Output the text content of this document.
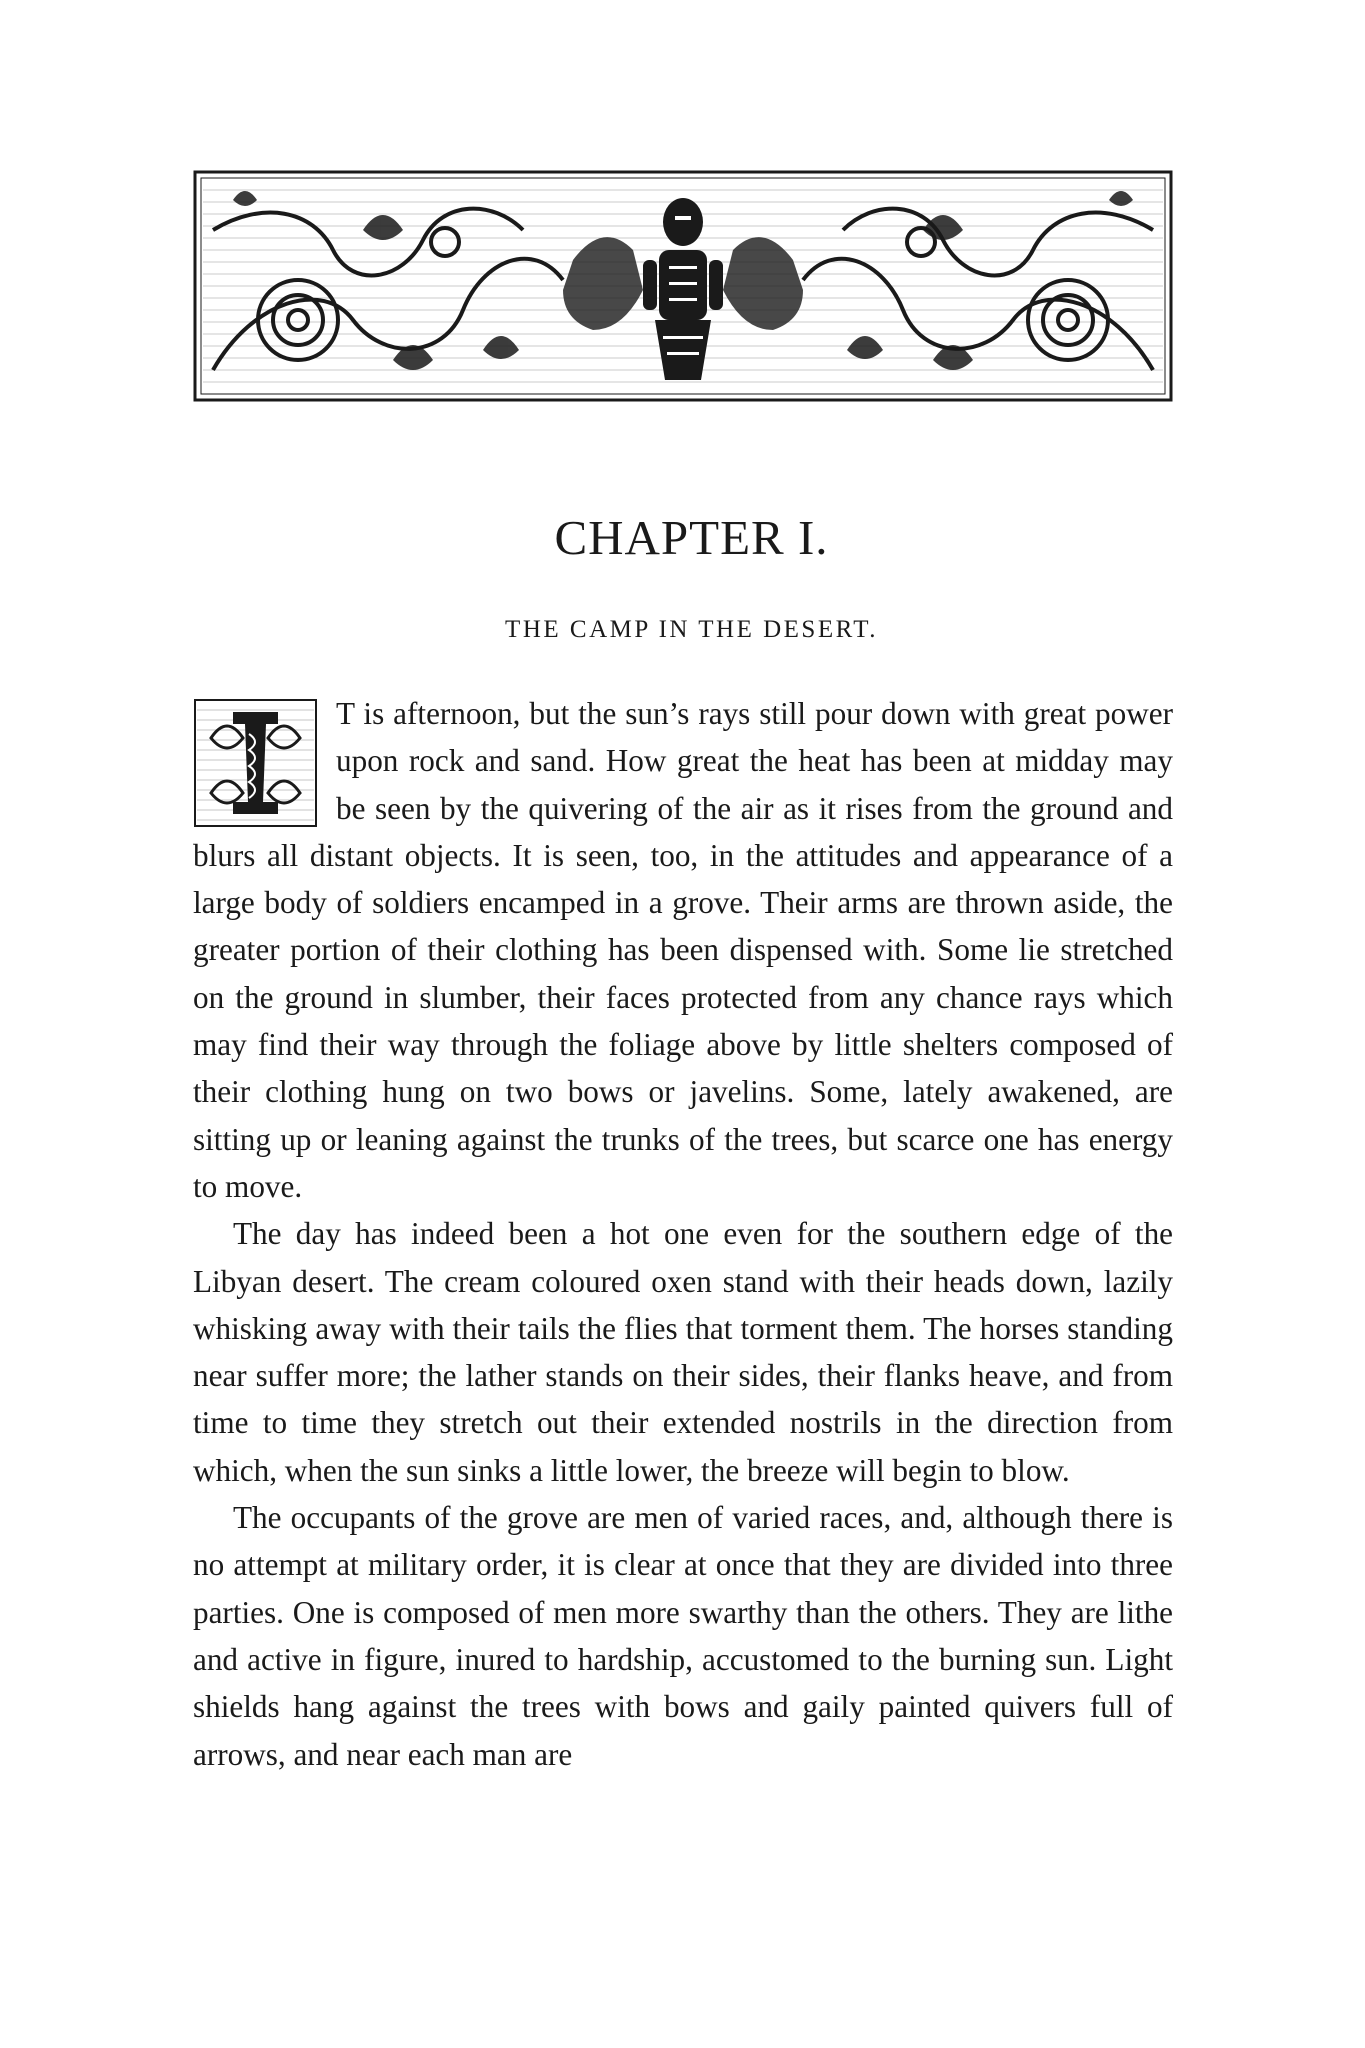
CHAPTER I.
THE CAMP IN THE DESERT.

T is afternoon, but the sun’s rays still pour down with great power upon rock and sand. How great the heat has been at midday may be seen by the quivering of the air as it rises from the ground and blurs all distant objects. It is seen, too, in the attitudes and appearance of a large body of soldiers encamped in a grove. Their arms are thrown aside, the greater portion of their clothing has been dispensed with. Some lie stretched on the ground in slumber, their faces protected from any chance rays which may find their way through the foliage above by little shelters composed of their clothing hung on two bows or javelins. Some, lately awakened, are sitting up or leaning against the trunks of the trees, but scarce one has energy to move.

The day has indeed been a hot one even for the southern edge of the Libyan desert. The cream coloured oxen stand with their heads down, lazily whisking away with their tails the flies that torment them. The horses standing near suffer more; the lather stands on their sides, their flanks heave, and from time to time they stretch out their extended nostrils in the direction from which, when the sun sinks a little lower, the breeze will begin to blow.

The occupants of the grove are men of varied races, and, although there is no attempt at military order, it is clear at once that they are divided into three parties. One is composed of men more swarthy than the others. They are lithe and active in figure, inured to hardship, accustomed to the burning sun. Light shields hang against the trees with bows and gaily painted quivers full of arrows, and near each man are
